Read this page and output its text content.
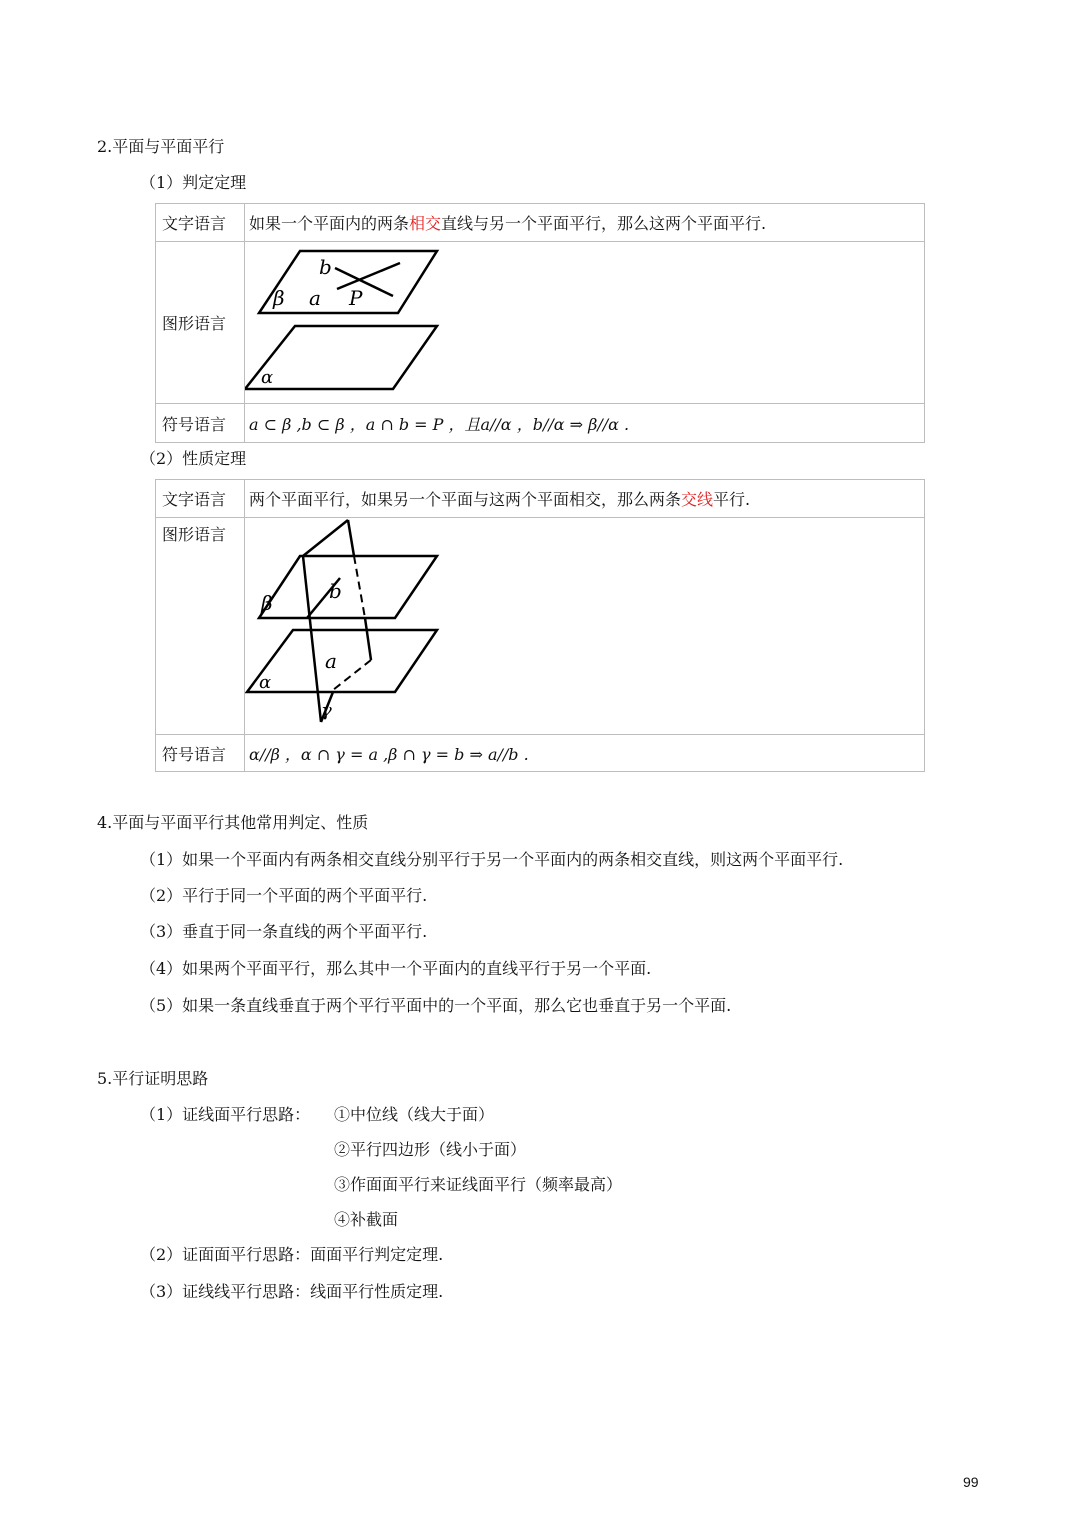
2.平面与平面平行
（1）判定定理
文字语言	如果一个平面内的两条相交直线与另一个平面平行，那么这两个平面平行.
图形语言	b
β a P
α

符号语言	a ⊂ β ,b ⊂ β ，a ∩ b = P ，且a//α ，b//α ⇒ β//α .
（2）性质定理
文字语言	两个平面平行，如果另一个平面与这两个平面相交，那么两条交线平行.
图形语言	β b
a
α
γ

符号语言	α//β ，α ∩ γ = a ,β ∩ γ = b ⇒ a//b .
4.平面与平面平行其他常用判定、性质
（1）如果一个平面内有两条相交直线分别平行于另一个平面内的两条相交直线，则这两个平面平行.
（2）平行于同一个平面的两个平面平行.
（3）垂直于同一条直线的两个平面平行.
（4）如果两个平面平行，那么其中一个平面内的直线平行于另一个平面.
（5）如果一条直线垂直于两个平行平面中的一个平面，那么它也垂直于另一个平面.
5.平行证明思路
（1）证线面平行思路： ①中位线（线大于面）
②平行四边形（线小于面）
③作面面平行来证线面平行（频率最高）
④补截面
（2）证面面平行思路：面面平行判定定理.
（3）证线线平行思路：线面平行性质定理.
99
